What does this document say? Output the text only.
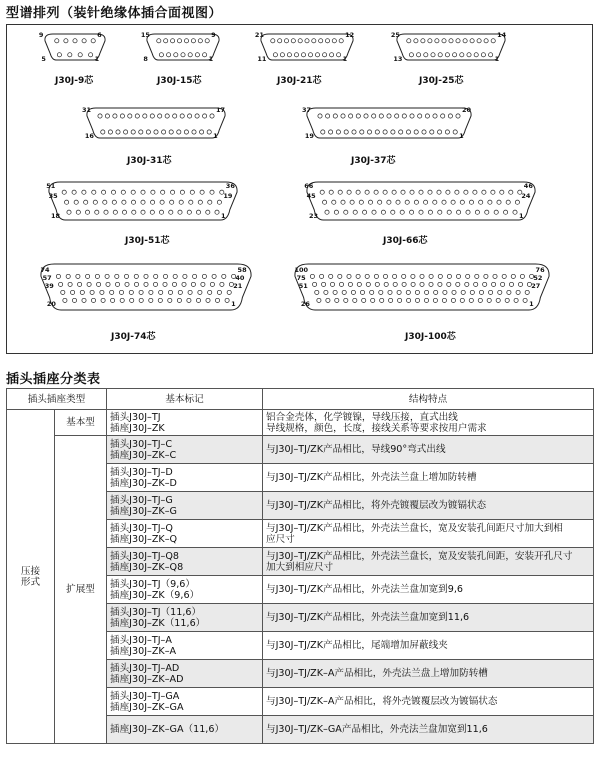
型谱排列（装针绝缘体插合面视图）
9	6
5	1
J30J-9芯
15	9
8	1
J30J-15芯
21	12
11	1
J30J-21芯
25	14
13	1
J30J-25芯
31	17
16	1
J30J-31芯
37	20
19	1
J30J-37芯
51	36
35	19
18	1
J30J-51芯
66	46
45	24
23	1
J30J-66芯
74	58
57	40
39	21
20	1
J30J-74芯
100	76
75	52
51	27
26	1
J30J-100芯
插头插座分类表
插头插座类型		基本标记	结构特点
压接
形式	基本型	插头J30J–TJ
插座J30J–ZK	铝合金壳体，化学镀镍，导线压接，直式出线
导线规格，颜色，长度，接线关系等要求按用户需求
	扩展型	插头J30J–TJ–C
插座J30J–ZK–C	与J30J–TJ/ZK产品相比，导线90°弯式出线
		插头J30J–TJ–D
插座J30J–ZK–D	与J30J–TJ/ZK产品相比，外壳法兰盘上增加防转槽
		插头J30J–TJ–G
插座J30J–ZK–G	与J30J–TJ/ZK产品相比，将外壳镀覆层改为镀镉状态
		插头J30J–TJ–Q
插座J30J–ZK–Q	与J30J–TJ/ZK产品相比，外壳法兰盘长，宽及安装孔间距尺寸加大到相
应尺寸
		插头J30J–TJ–Q8
插座J30J–ZK–Q8	与J30J–TJ/ZK产品相比，外壳法兰盘长，宽及安装孔间距，安装开孔尺寸
加大到相应尺寸
		插头J30J–TJ（9,6）
插座J30J–ZK（9,6）	与J30J–TJ/ZK产品相比，外壳法兰盘加宽到9,6
		插头J30J–TJ（11,6）
插座J30J–ZK（11,6）	与J30J–TJ/ZK产品相比，外壳法兰盘加宽到11,6
		插头J30J–TJ–A
插座J30J–ZK–A	与J30J–TJ/ZK产品相比，尾端增加屏蔽线夹
		插头J30J–TJ–AD
插座J30J–ZK–AD	与J30J–TJ/ZK–A产品相比，外壳法兰盘上增加防转槽
		插头J30J–TJ–GA
插座J30J–ZK–GA	与J30J–TJ/ZK–A产品相比，将外壳镀覆层改为镀镉状态
		插座J30J–ZK–GA（11,6）	与J30J–TJ/ZK–GA产品相比，外壳法兰盘加宽到11,6
